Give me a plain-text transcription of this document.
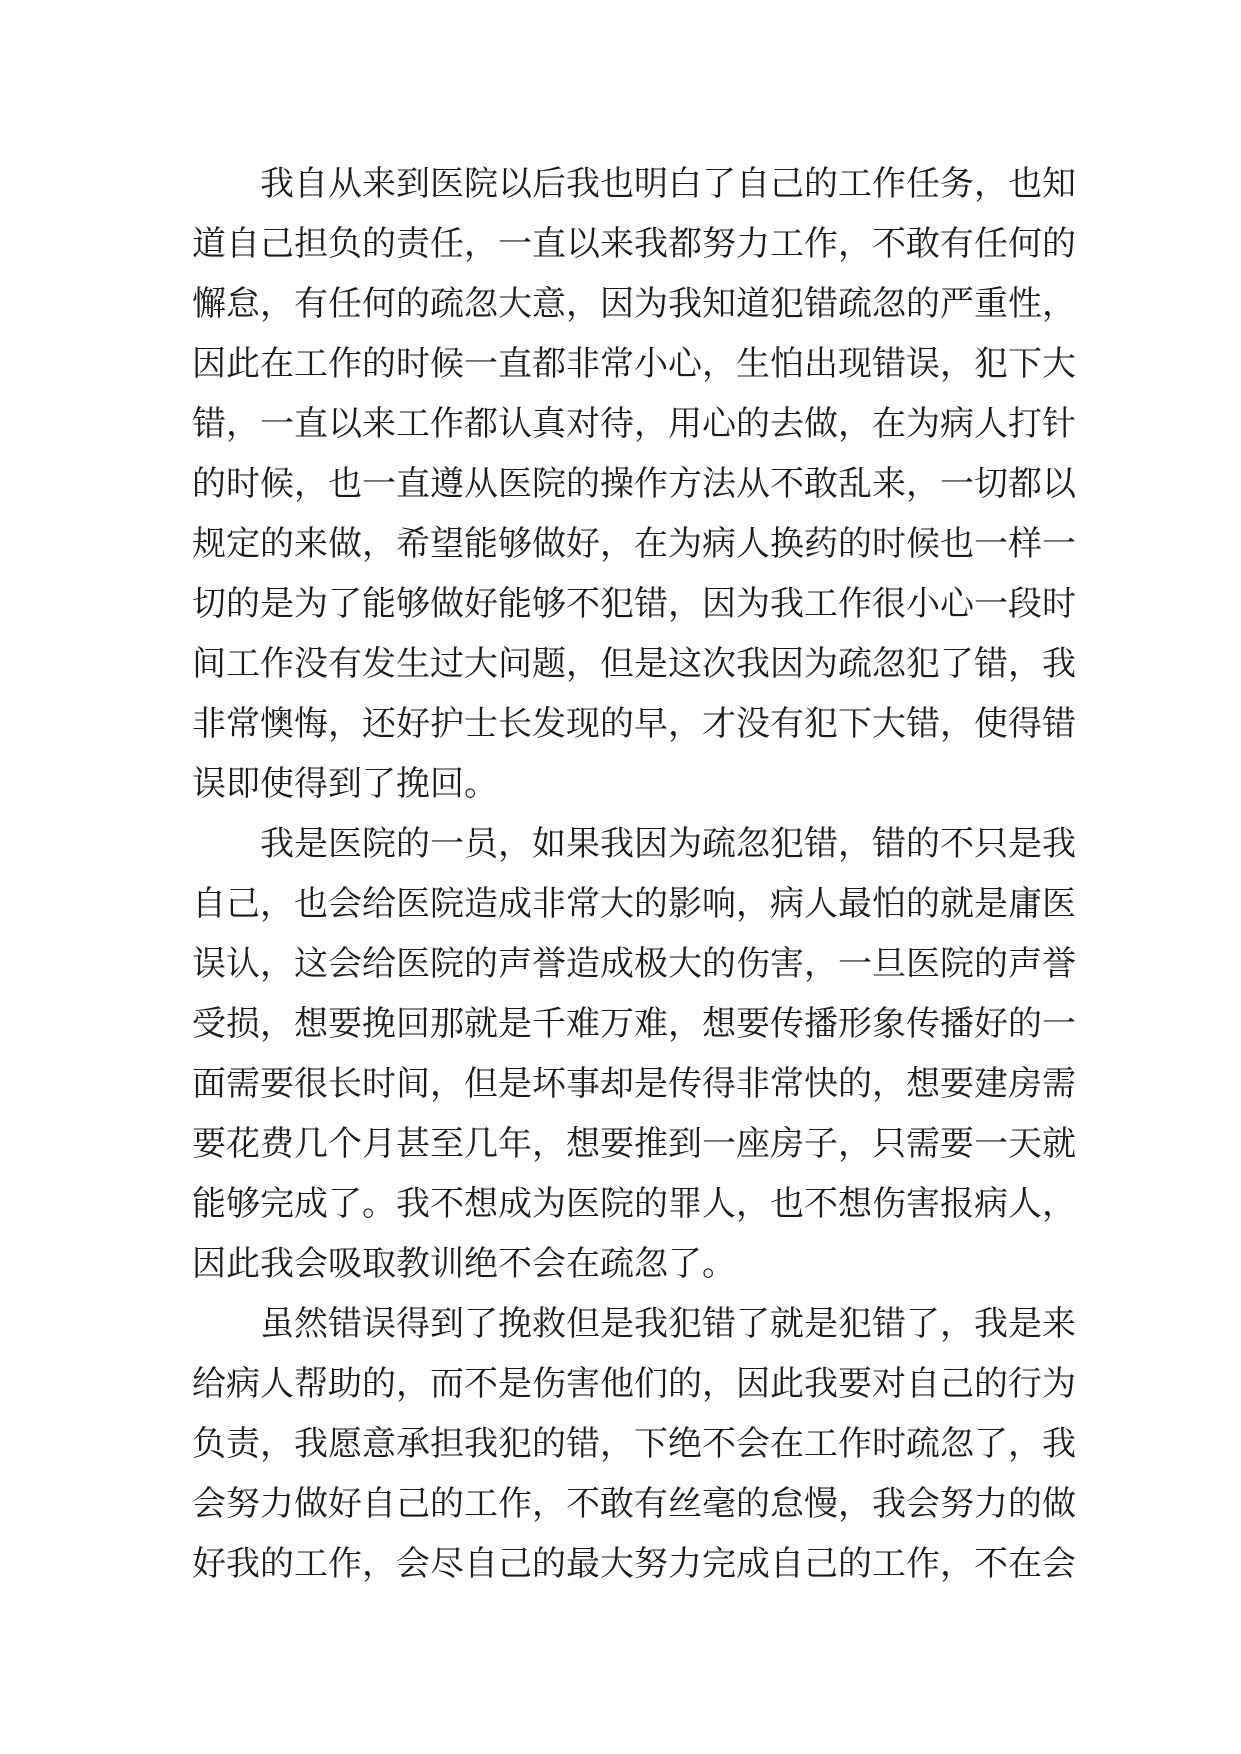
我自从来到医院以后我也明白了自己的工作任务，也知
道自己担负的责任，一直以来我都努力工作，不敢有任何的
懈怠，有任何的疏忽大意，因为我知道犯错疏忽的严重性，
因此在工作的时候一直都非常小心，生怕出现错误，犯下大
错，一直以来工作都认真对待，用心的去做，在为病人打针
的时候，也一直遵从医院的操作方法从不敢乱来，一切都以
规定的来做，希望能够做好，在为病人换药的时候也一样一
切的是为了能够做好能够不犯错，因为我工作很小心一段时
间工作没有发生过大问题，但是这次我因为疏忽犯了错，我
非常懊悔，还好护士长发现的早，才没有犯下大错，使得错
误即使得到了挽回。
我是医院的一员，如果我因为疏忽犯错，错的不只是我
自己，也会给医院造成非常大的影响，病人最怕的就是庸医
误认，这会给医院的声誉造成极大的伤害，一旦医院的声誉
受损，想要挽回那就是千难万难，想要传播形象传播好的一
面需要很长时间，但是坏事却是传得非常快的，想要建房需
要花费几个月甚至几年，想要推到一座房子，只需要一天就
能够完成了。我不想成为医院的罪人，也不想伤害报病人，
因此我会吸取教训绝不会在疏忽了。
虽然错误得到了挽救但是我犯错了就是犯错了，我是来
给病人帮助的，而不是伤害他们的，因此我要对自己的行为
负责，我愿意承担我犯的错，下绝不会在工作时疏忽了，我
会努力做好自己的工作，不敢有丝毫的怠慢，我会努力的做
好我的工作，会尽自己的最大努力完成自己的工作，不在会
